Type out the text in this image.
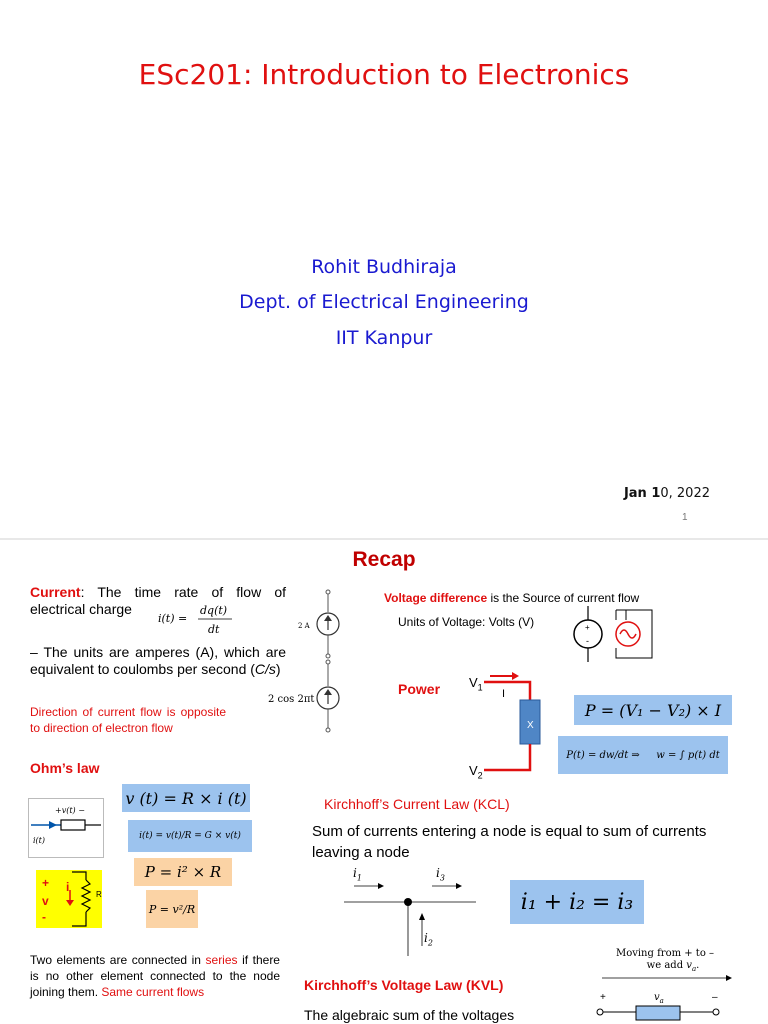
ESc201: Introduction to Electronics
Rohit Budhiraja
Dept. of Electrical Engineering
IIT Kanpur
Jan 10, 2022
1
Recap
Current: The time rate of flow of electrical charge
i(t) =
dq(t)
dt
– The units are amperes (A), which are equivalent to coulombs per second (C/s)
Direction of current flow is opposite to direction of electron flow
2 A
2 cos 2πt
Voltage difference is the Source of current flow
Units of Voltage: Volts (V)	+
-
Power $V_1$
$V_2$
I
X
P = (V₁ − V₂) × I
P(t) = dw/dt ⇒ w = ∫ p(t) dt
Ohm’s law
+v(t) −
i(t)
v (t) = R × i (t)
i(t) = v(t)/R = G × v(t)
P = i² × R
P = v²/R
+ i
v
-
R
Two elements are connected in series if there is no other element connected to the node joining them. Same current flows
Kirchhoff’s Current Law (KCL)
Sum of currents entering a node is equal to sum of currents leaving a node
$i_1$	$i_3$
$i_2$
i₁ + i₂ = i₃
Kirchhoff’s Voltage Law (KVL)
The algebraic sum of the voltages
Moving from + to –
we add $v_a$.
+	–
$v_a$
